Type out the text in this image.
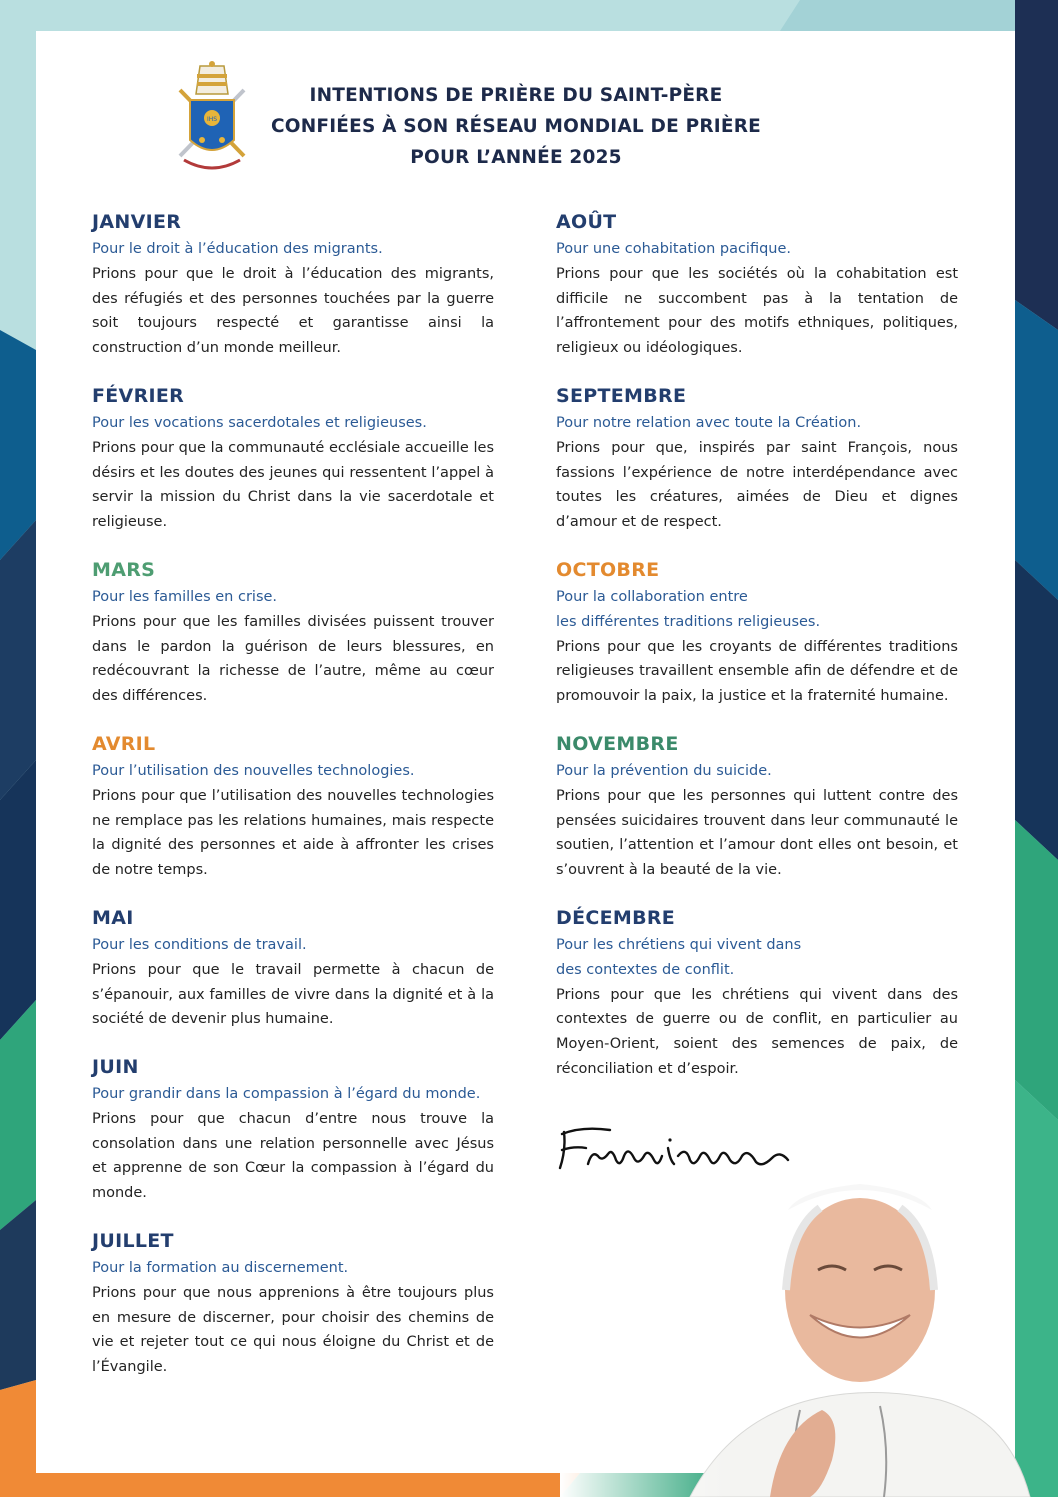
IHS
INTENTIONS DE PRIÈRE DU SAINT-PÈRE
CONFIÉES À SON RÉSEAU MONDIAL DE PRIÈRE
POUR L’ANNÉE 2025
JANVIER
Pour le droit à l’éducation des migrants.

Prions pour que le droit à l’éducation des migrants, des réfugiés et des personnes touchées par la guerre soit toujours respecté et garantisse ainsi la construction d’un monde meilleur.

FÉVRIER
Pour les vocations sacerdotales et religieuses.

Prions pour que la communauté ecclésiale accueille les désirs et les doutes des jeunes qui ressentent l’appel à servir la mission du Christ dans la vie sacerdotale et religieuse.

MARS
Pour les familles en crise.

Prions pour que les familles divisées puissent trouver dans le pardon la guérison de leurs blessures, en redécouvrant la richesse de l’autre, même au cœur des différences.

AVRIL
Pour l’utilisation des nouvelles technologies.

Prions pour que l’utilisation des nouvelles technologies ne remplace pas les relations humaines, mais respecte la dignité des personnes et aide à affronter les crises de notre temps.

MAI
Pour les conditions de travail.

Prions pour que le travail permette à chacun de s’épanouir, aux familles de vivre dans la dignité et à la société de devenir plus humaine.

JUIN
Pour grandir dans la compassion à l’égard du monde.

Prions pour que chacun d’entre nous trouve la consolation dans une relation personnelle avec Jésus et apprenne de son Cœur la compassion à l’égard du monde.

JUILLET
Pour la formation au discernement.

Prions pour que nous apprenions à être toujours plus en mesure de discerner, pour choisir des chemins de vie et rejeter tout ce qui nous éloigne du Christ et de l’Évangile.

AOÛT
Pour une cohabitation pacifique.

Prions pour que les sociétés où la cohabitation est difficile ne succombent pas à la tentation de l’affrontement pour des motifs ethniques, politiques, religieux ou idéologiques.

SEPTEMBRE
Pour notre relation avec toute la Création.

Prions pour que, inspirés par saint François, nous fassions l’expérience de notre interdépendance avec toutes les créatures, aimées de Dieu et dignes d’amour et de respect.

OCTOBRE
Pour la collaboration entre
les différentes traditions religieuses.

Prions pour que les croyants de différentes traditions religieuses travaillent ensemble afin de défendre et de promouvoir la paix, la justice et la fraternité humaine.

NOVEMBRE
Pour la prévention du suicide.

Prions pour que les personnes qui luttent contre des pensées suicidaires trouvent dans leur communauté le soutien, l’attention et l’amour dont elles ont besoin, et s’ouvrent à la beauté de la vie.

DÉCEMBRE
Pour les chrétiens qui vivent dans
des contextes de conflit.

Prions pour que les chrétiens qui vivent dans des contextes de guerre ou de conflit, en particulier au Moyen-Orient, soient des semences de paix, de réconciliation et d’espoir.
